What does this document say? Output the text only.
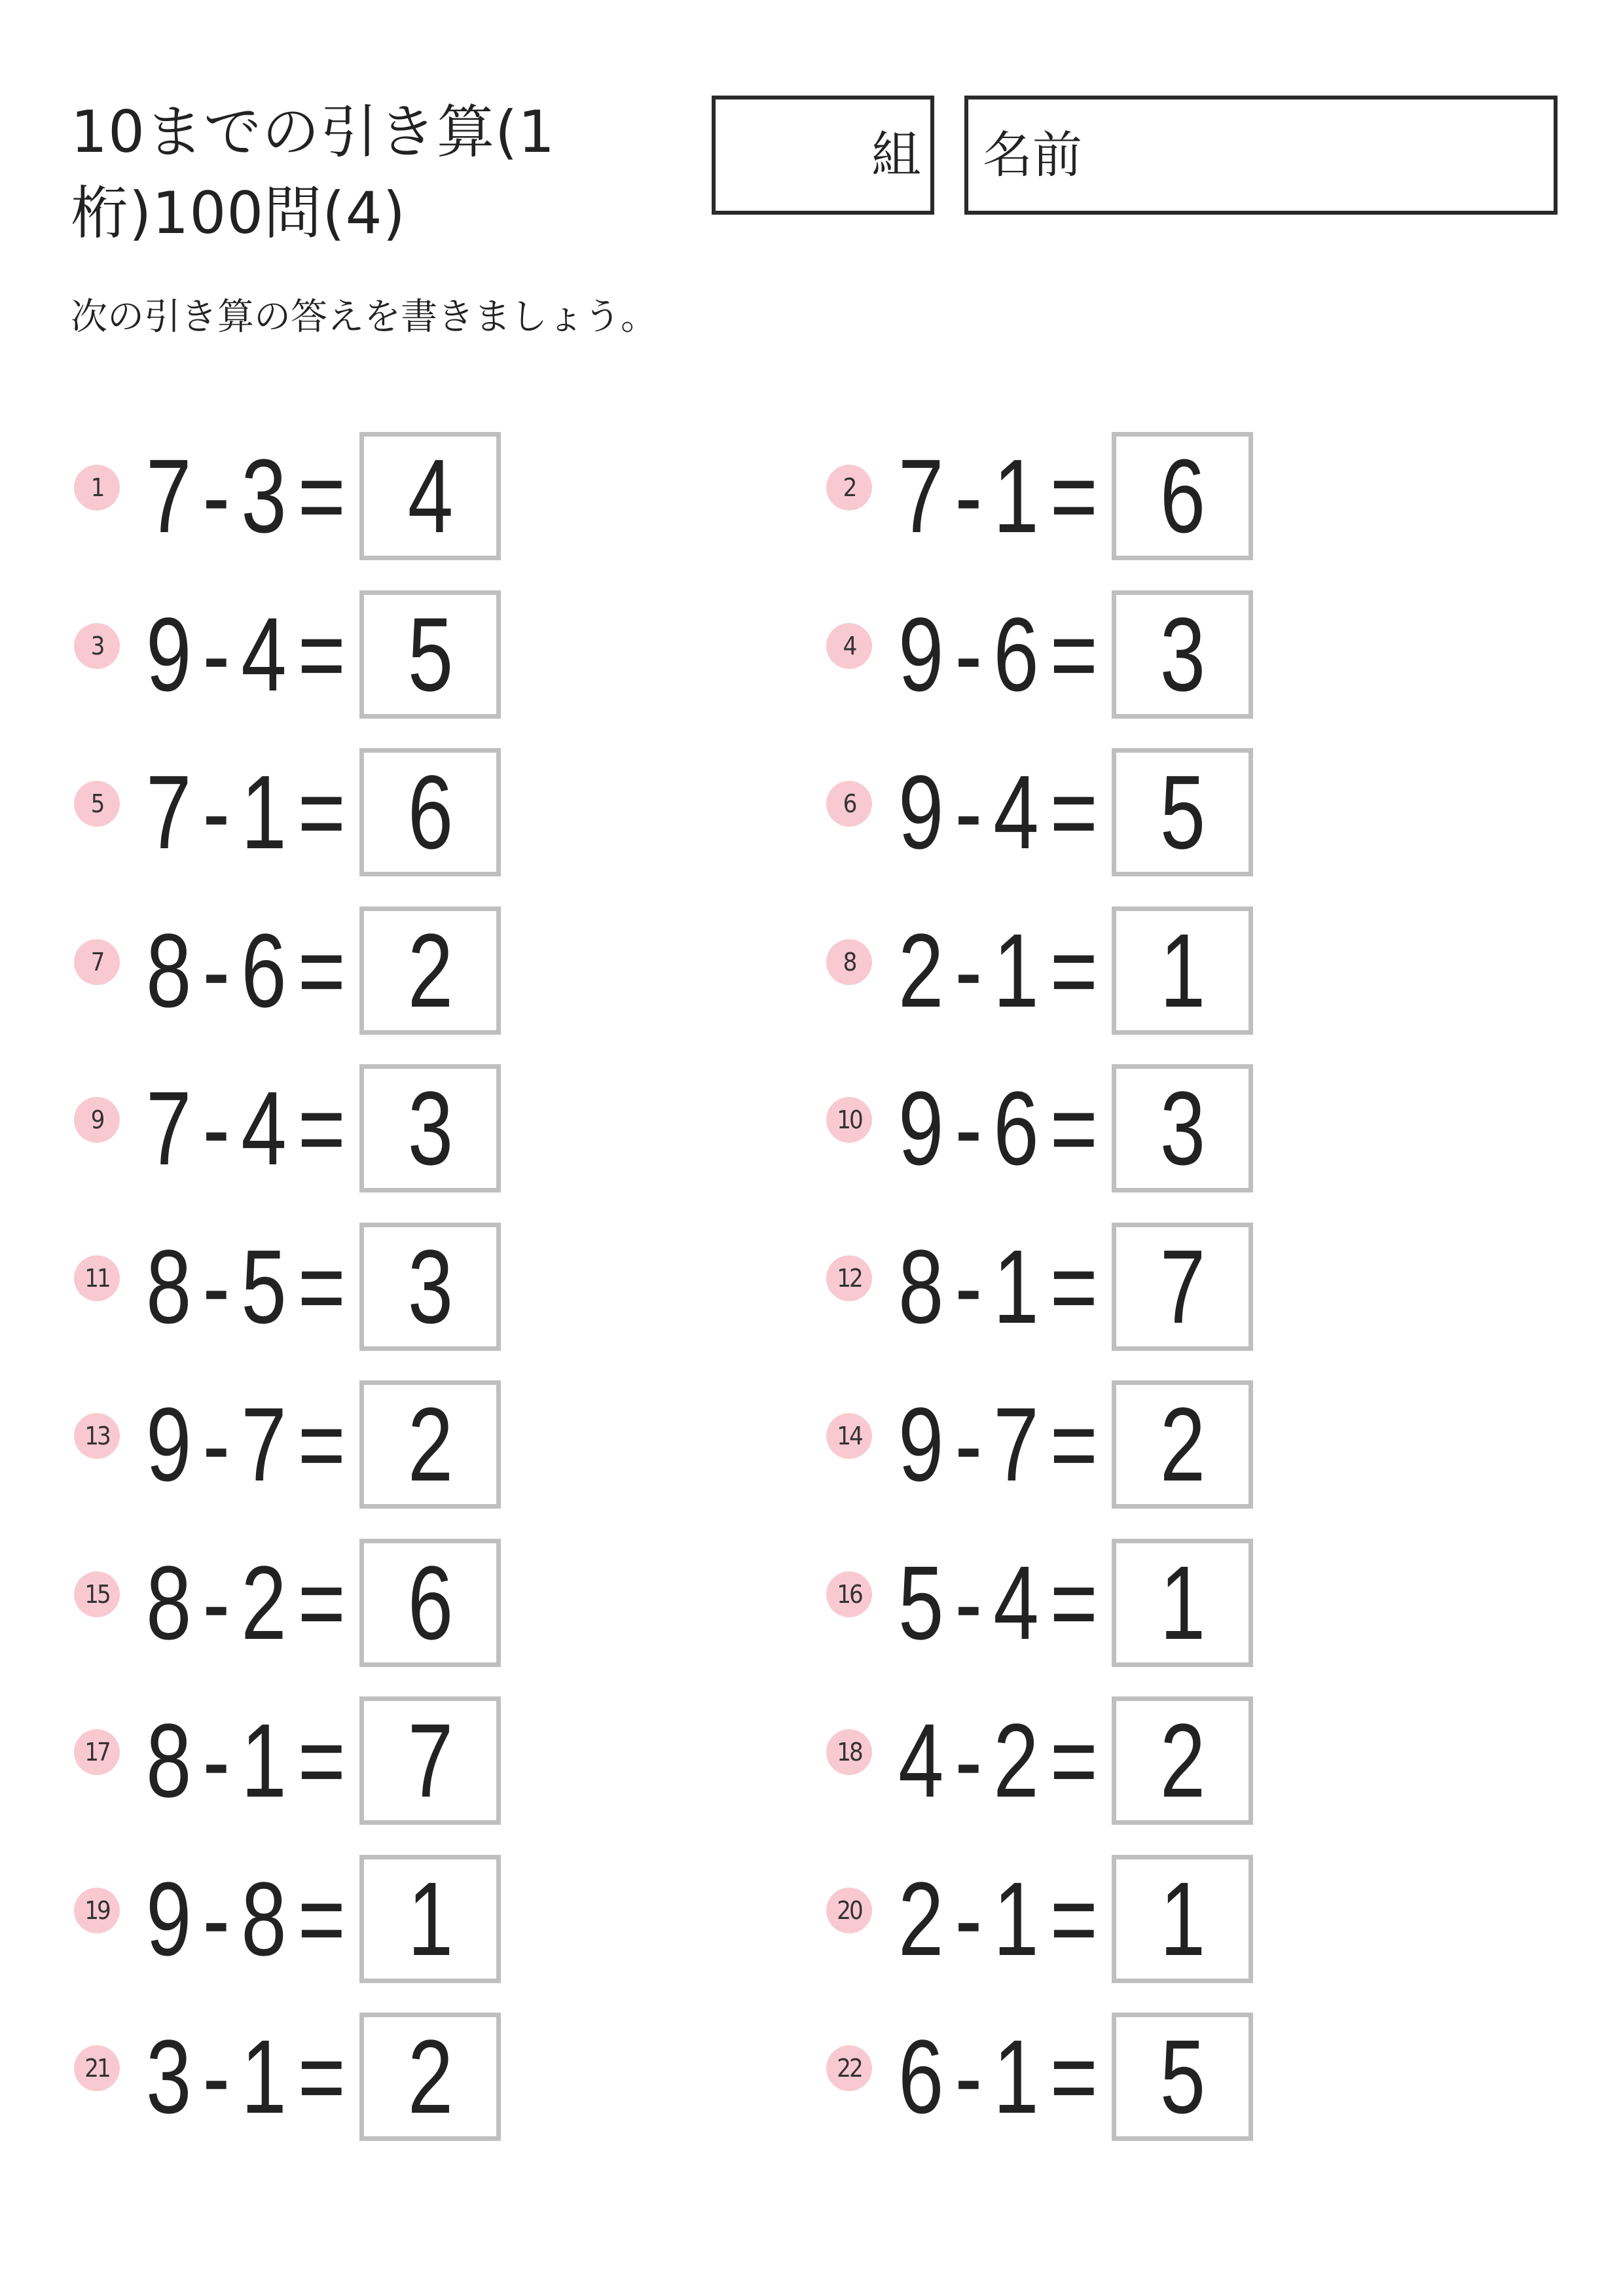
10までの引き算(1桁)100問(4)
組	名前
次の引き算の答えを書きましょう。
1 7 - 3 = 4	2 7 - 1 = 6
3 9 - 4 = 5	4 9 - 6 = 3
5 7 - 1 = 6	6 9 - 4 = 5
7 8 - 6 = 2	8 2 - 1 = 1
9 7 - 4 = 3	10 9 - 6 = 3
11 8 - 5 = 3	12 8 - 1 = 7
13 9 - 7 = 2	14 9 - 7 = 2
15 8 - 2 = 6	16 5 - 4 = 1
17 8 - 1 = 7	18 4 - 2 = 2
19 9 - 8 = 1	20 2 - 1 = 1
21 3 - 1 = 2	22 6 - 1 = 5
